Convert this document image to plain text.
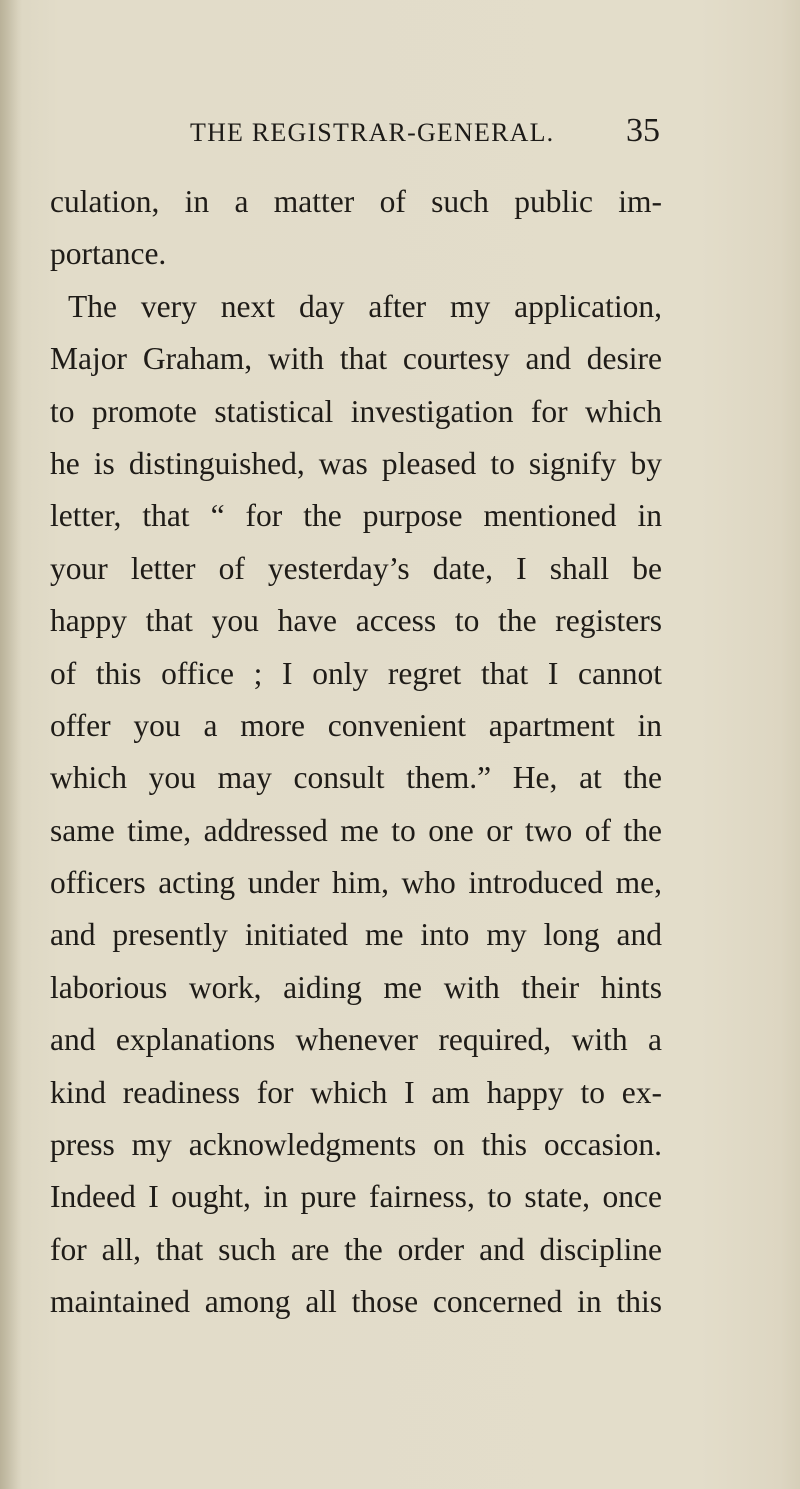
THE REGISTRAR-GENERAL. 35
culation, in a matter of such public im-
portance.
The very next day after my application,
Major Graham, with that courtesy and desire
to promote statistical investigation for which
he is distinguished, was pleased to signify by
letter, that “ for the purpose mentioned in
your letter of yesterday’s date, I shall be
happy that you have access to the registers
of this office ; I only regret that I cannot
offer you a more convenient apartment in
which you may consult them.” He, at the
same time, addressed me to one or two of the
officers acting under him, who introduced me,
and presently initiated me into my long and
laborious work, aiding me with their hints
and explanations whenever required, with a
kind readiness for which I am happy to ex-
press my acknowledgments on this occasion.
Indeed I ought, in pure fairness, to state, once
for all, that such are the order and discipline
maintained among all those concerned in this
